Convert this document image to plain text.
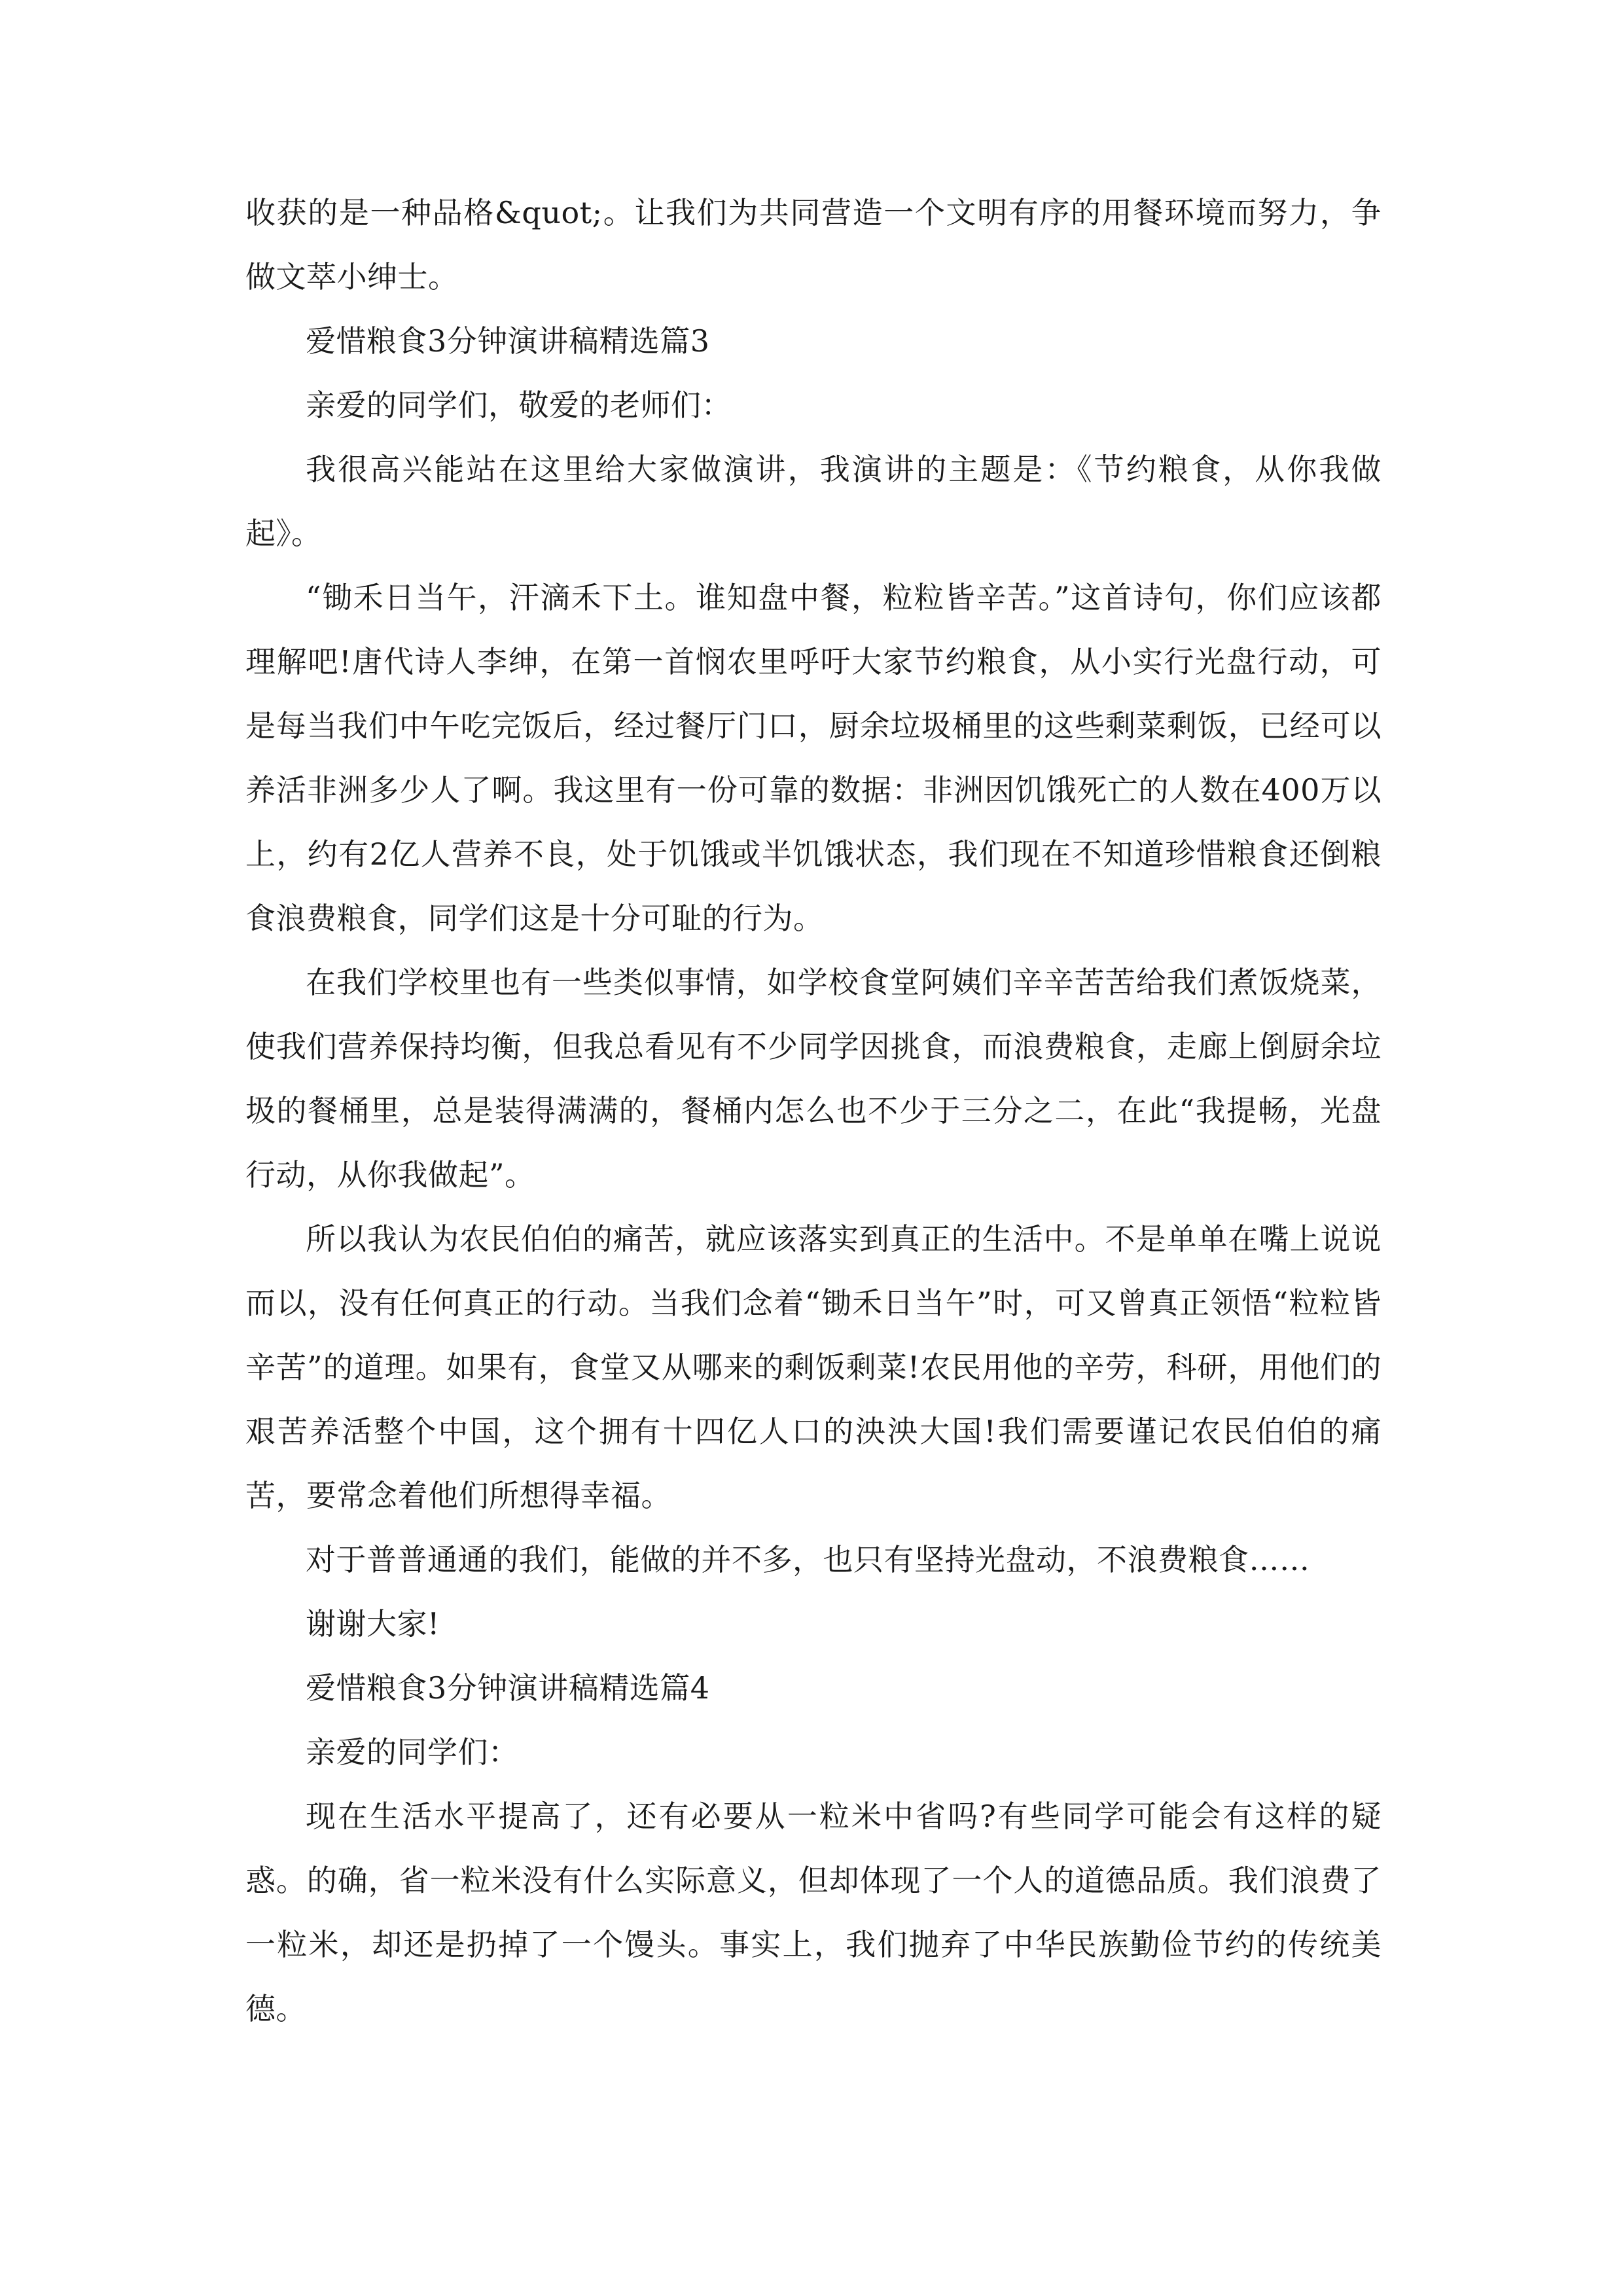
收获的是一种品格&quot;。让我们为共同营造一个文明有序的用餐环境而努力，争做文萃小绅士。

爱惜粮食3分钟演讲稿精选篇3

亲爱的同学们，敬爱的老师们：

我很高兴能站在这里给大家做演讲，我演讲的主题是：《节约粮食，从你我做起》。

“锄禾日当午，汗滴禾下土。谁知盘中餐，粒粒皆辛苦。”这首诗句，你们应该都理解吧!唐代诗人李绅，在第一首悯农里呼吁大家节约粮食，从小实行光盘行动，可是每当我们中午吃完饭后，经过餐厅门口，厨余垃圾桶里的这些剩菜剩饭，已经可以养活非洲多少人了啊。我这里有一份可靠的数据：非洲因饥饿死亡的人数在400万以上，约有2亿人营养不良，处于饥饿或半饥饿状态，我们现在不知道珍惜粮食还倒粮食浪费粮食，同学们这是十分可耻的行为。

在我们学校里也有一些类似事情，如学校食堂阿姨们辛辛苦苦给我们煮饭烧菜，使我们营养保持均衡，但我总看见有不少同学因挑食，而浪费粮食，走廊上倒厨余垃圾的餐桶里，总是装得满满的，餐桶内怎么也不少于三分之二，在此“我提畅，光盘行动，从你我做起”。

所以我认为农民伯伯的痛苦，就应该落实到真正的生活中。不是单单在嘴上说说而以，没有任何真正的行动。当我们念着“锄禾日当午”时，可又曾真正领悟“粒粒皆辛苦”的道理。如果有，食堂又从哪来的剩饭剩菜!农民用他的辛劳，科研，用他们的艰苦养活整个中国，这个拥有十四亿人口的泱泱大国!我们需要谨记农民伯伯的痛苦，要常念着他们所想得幸福。

对于普普通通的我们，能做的并不多，也只有坚持光盘动，不浪费粮食……

谢谢大家!

爱惜粮食3分钟演讲稿精选篇4

亲爱的同学们：

现在生活水平提高了，还有必要从一粒米中省吗?有些同学可能会有这样的疑惑。的确，省一粒米没有什么实际意义，但却体现了一个人的道德品质。我们浪费了一粒米，却还是扔掉了一个馒头。事实上，我们抛弃了中华民族勤俭节约的传统美德。
